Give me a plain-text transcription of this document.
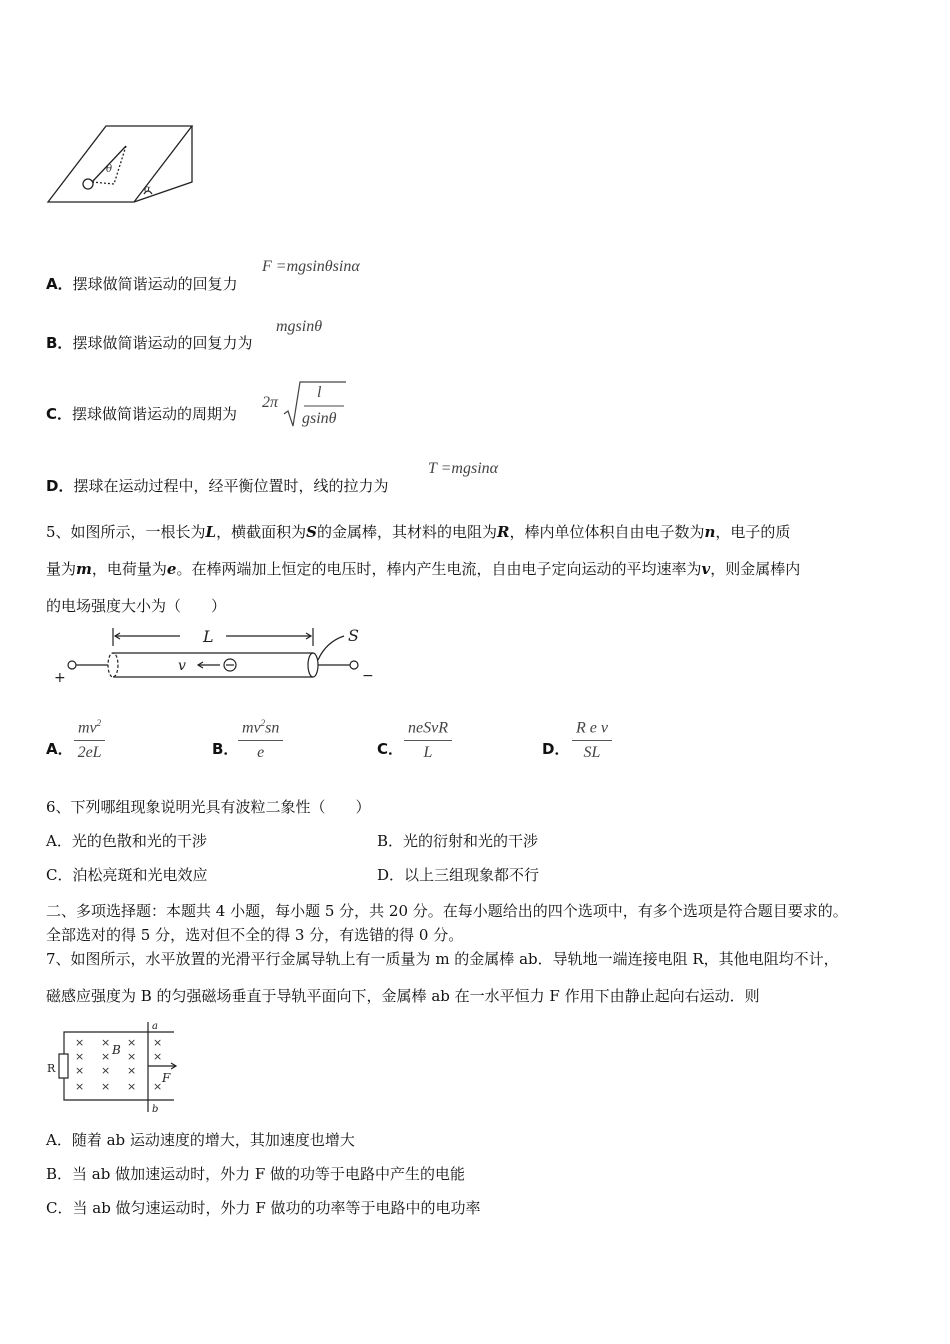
θ
α
A．摆球做简谐运动的回复力
F =mgsinθsinα
B．摆球做简谐运动的回复力为
mgsinθ
C．摆球做简谐运动的周期为
2π
l
gsinθ
D．摆球在运动过程中，经平衡位置时，线的拉力为
T =mgsinα
5、如图所示，一根长为L，横截面积为S的金属棒，其材料的电阻为R，棒内单位体积自由电子数为n，电子的质
量为m，电荷量为e。在棒两端加上恒定的电压时，棒内产生电流，自由电子定向运动的平均速率为v，则金属棒内
的电场强度大小为（　　）
L	S
v
+	−
A． $\frac{mv^2}{2eL}$	B． $\frac{mv^2sn}{e}$	C．
neSvR
L	D． $\frac{\text{R e v}}{SL}$
6、下列哪组现象说明光具有波粒二象性（　　）
A．光的色散和光的干涉	B．光的衍射和光的干涉
C．泊松亮斑和光电效应	D．以上三组现象都不行
二、多项选择题：本题共 4 小题，每小题 5 分，共 20 分。在每小题给出的四个选项中，有多个选项是符合题目要求的。
全部选对的得 5 分，选对但不全的得 3 分，有选错的得 0 分。
7、如图所示，水平放置的光滑平行金属导轨上有一质量为 m 的金属棒 ab．导轨地一端连接电阻 R，其他电阻均不计，
磁感应强度为 B 的匀强磁场垂直于导轨平面向下，金属棒 ab 在一水平恒力 F 作用下由静止起向右运动．则
× × × ×
× × × ×
× × ×
× × × ×
a
b
B
R
F
A．随着 ab 运动速度的增大，其加速度也增大
B．当 ab 做加速运动时，外力 F 做的功等于电路中产生的电能
C．当 ab 做匀速运动时，外力 F 做功的功率等于电路中的电功率
